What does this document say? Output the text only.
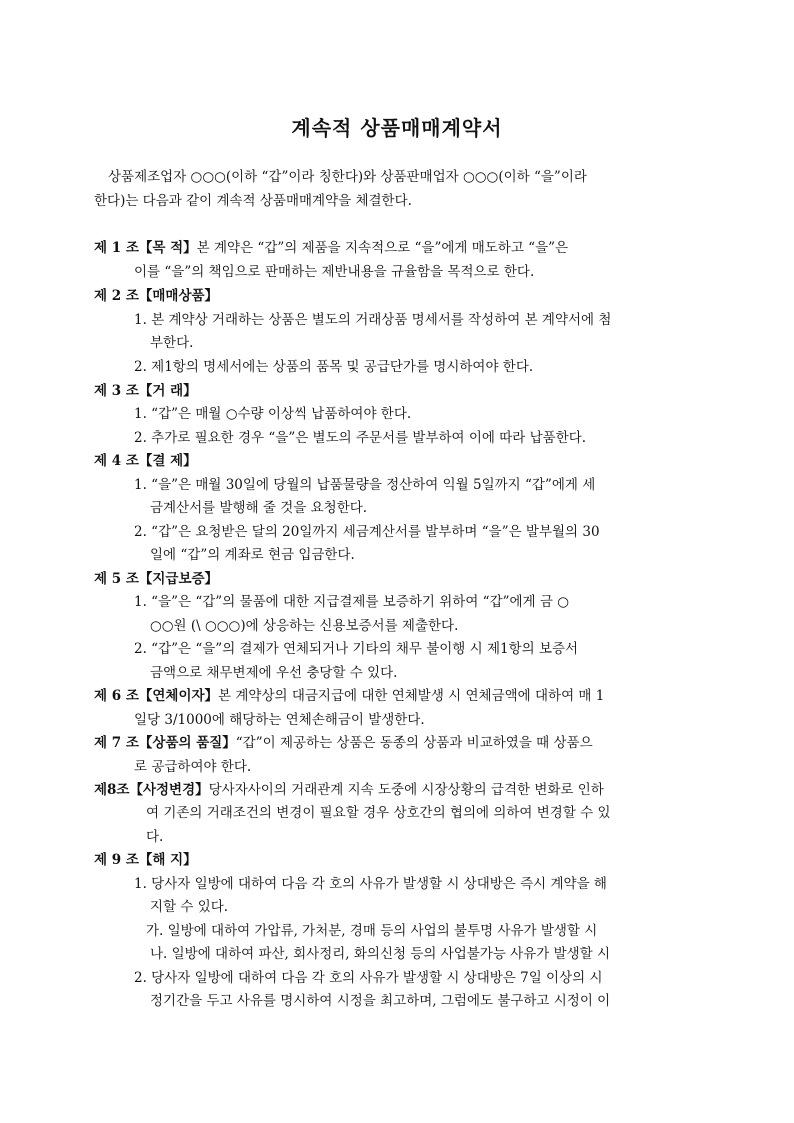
계속적 상품매매계약서
상품제조업자 ○○○(이하 “갑”이라 칭한다)와 상품판매업자 ○○○(이하 “을”이라
한다)는 다음과 같이 계속적 상품매매계약을 체결한다.
제 1 조【목 적】본 계약은 “갑”의 제품을 지속적으로 “을”에게 매도하고 “을”은
이를 “을”의 책임으로 판매하는 제반내용을 규율함을 목적으로 한다.
제 2 조【매매상품】
1. 본 계약상 거래하는 상품은 별도의 거래상품 명세서를 작성하여 본 계약서에 첨
부한다.
2. 제1항의 명세서에는 상품의 품목 및 공급단가를 명시하여야 한다.
제 3 조【거 래】
1. “갑”은 매월 ○수량 이상씩 납품하여야 한다.
2. 추가로 필요한 경우 “을”은 별도의 주문서를 발부하여 이에 따라 납품한다.
제 4 조【결 제】
1. “을”은 매월 30일에 당월의 납품물량을 정산하여 익월 5일까지 “갑”에게 세
금계산서를 발행해 줄 것을 요청한다.
2. “갑”은 요청받은 달의 20일까지 세금계산서를 발부하며 “을”은 발부월의 30
일에 “갑”의 계좌로 현금 입금한다.
제 5 조【지급보증】
1. “을”은 “갑”의 물품에 대한 지급결제를 보증하기 위하여 “갑”에게 금 ○
○○원 (\ ○○○)에 상응하는 신용보증서를 제출한다.
2. “갑”은 “을”의 결제가 연체되거나 기타의 채무 불이행 시 제1항의 보증서
금액으로 채무변제에 우선 충당할 수 있다.
제 6 조【연체이자】본 계약상의 대금지급에 대한 연체발생 시 연체금액에 대하여 매 1
일당 3/1000에 해당하는 연체손해금이 발생한다.
제 7 조【상품의 품질】“갑”이 제공하는 상품은 동종의 상품과 비교하였을 때 상품으
로 공급하여야 한다.
제8조【사정변경】당사자사이의 거래관계 지속 도중에 시장상황의 급격한 변화로 인하
여 기존의 거래조건의 변경이 필요할 경우 상호간의 협의에 의하여 변경할 수 있
다.
제 9 조【해 지】
1. 당사자 일방에 대하여 다음 각 호의 사유가 발생할 시 상대방은 즉시 계약을 해
지할 수 있다.
가. 일방에 대하여 가압류, 가처분, 경매 등의 사업의 불투명 사유가 발생할 시
나. 일방에 대하여 파산, 회사정리, 화의신청 등의 사업불가능 사유가 발생할 시
2. 당사자 일방에 대하여 다음 각 호의 사유가 발생할 시 상대방은 7일 이상의 시
정기간을 두고 사유를 명시하여 시정을 최고하며, 그럼에도 불구하고 시정이 이
